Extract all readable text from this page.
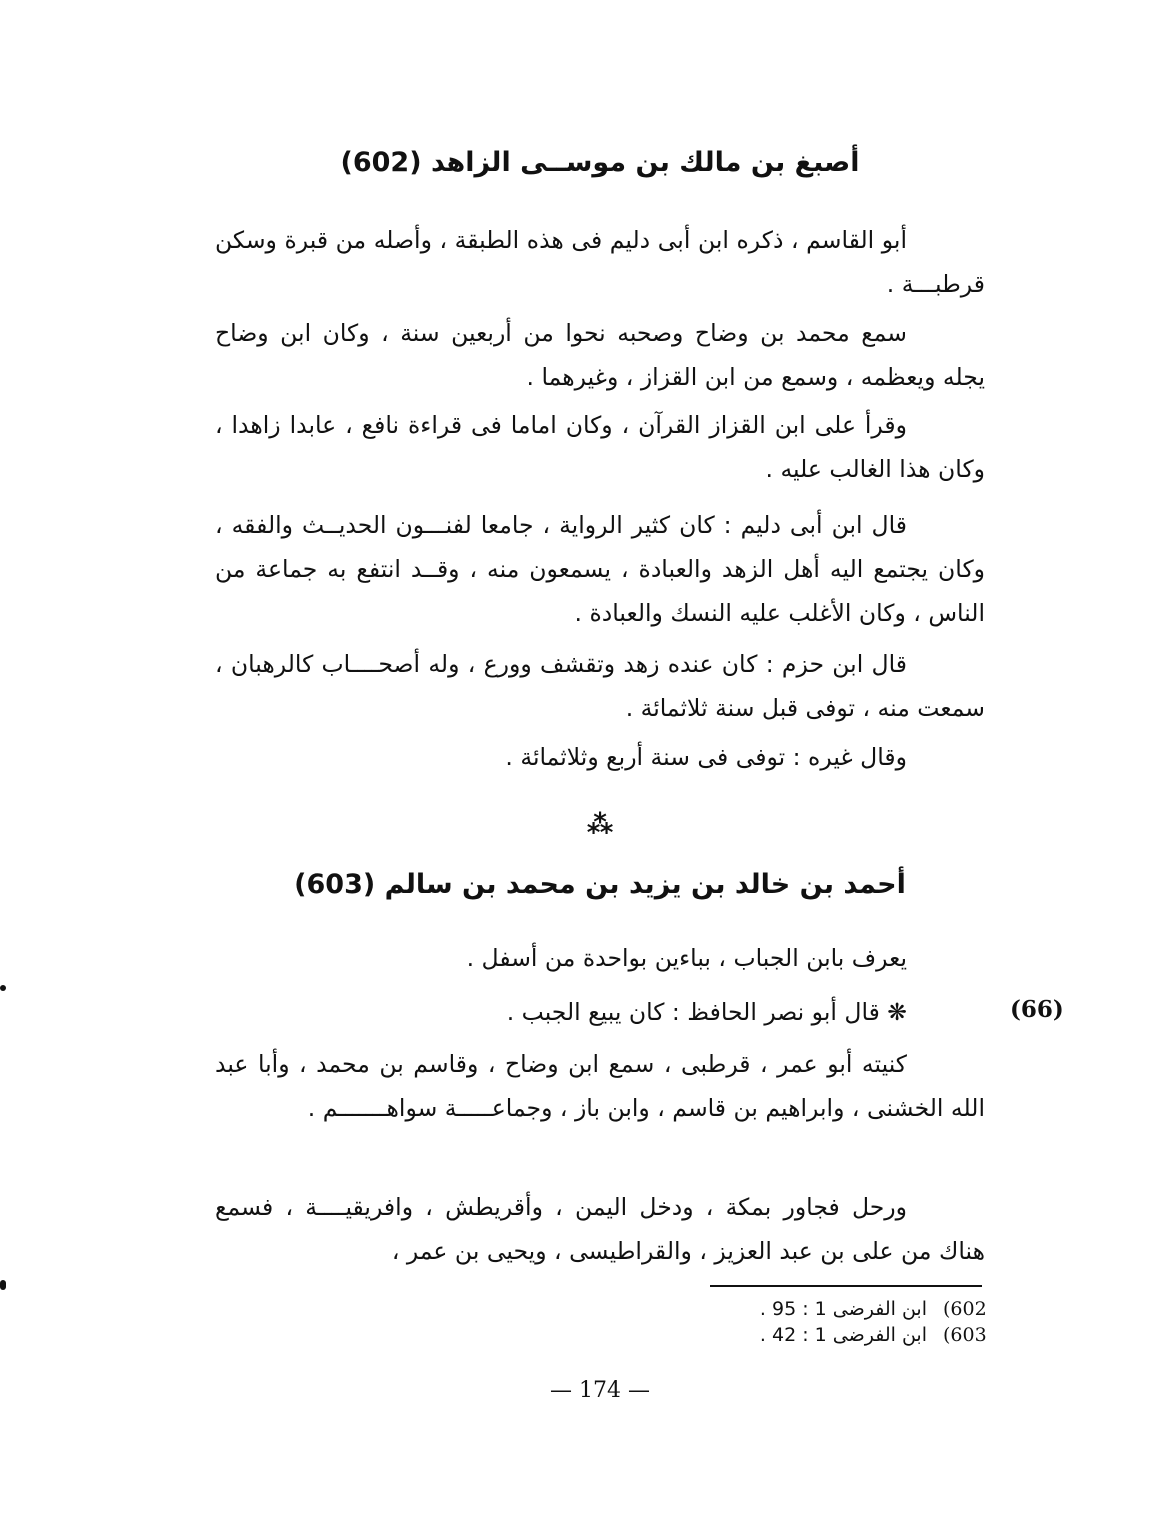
أصبغ بن مالك بن موســى الزاهد (602)

أبو القاسم ، ذكره ابن أبى دليم فى هذه الطبقة ، وأصله من قبرة وسكن قرطبـــة .

سمع محمد بن وضاح وصحبه نحوا من أربعين سنة ، وكان ابن وضاح يجله ويعظمه ، وسمع من ابن القزاز ، وغيرهما .

وقرأ على ابن القزاز القرآن ، وكان اماما فى قراءة نافع ، عابدا زاهدا ، وكان هذا الغالب عليه .

قال ابن أبى دليم : كان كثير الرواية ، جامعا لفنـــون الحديــث والفقه ، وكان يجتمع اليه أهل الزهد والعبادة ، يسمعون منه ، وقــد انتفع به جماعة من الناس ، وكان الأغلب عليه النسك والعبادة .

قال ابن حزم : كان عنده زهد وتقشف وورع ، وله أصحــــاب كالرهبان ، سمعت منه ، توفى قبل سنة ثلاثمائة .

وقال غيره : توفى فى سنة أربع وثلاثمائة .

⁂
أحمد بن خالد بن يزيد بن محمد بن سالم (603)

يعرف بابن الجباب ، بباءين بواحدة من أسفل .

❋ قال أبو نصر الحافظ : كان يبيع الجبب .

كنيته أبو عمر ، قرطبى ، سمع ابن وضاح ، وقاسم بن محمد ، وأبا عبد الله الخشنى ، وابراهيم بن قاسم ، وابن باز ، وجماعـــــة سواهـــــــم .

ورحل فجاور بمكة ، ودخل اليمن ، وأقريطش ، وافريقيــــة ، فسمع هناك من على بن عبد العزيز ، والقراطيسى ، ويحيى بن عمر ،

(66)
(602
ابن الفرضى 1 : 95 .
(603
ابن الفرضى 1 : 42 .
— 174 —
